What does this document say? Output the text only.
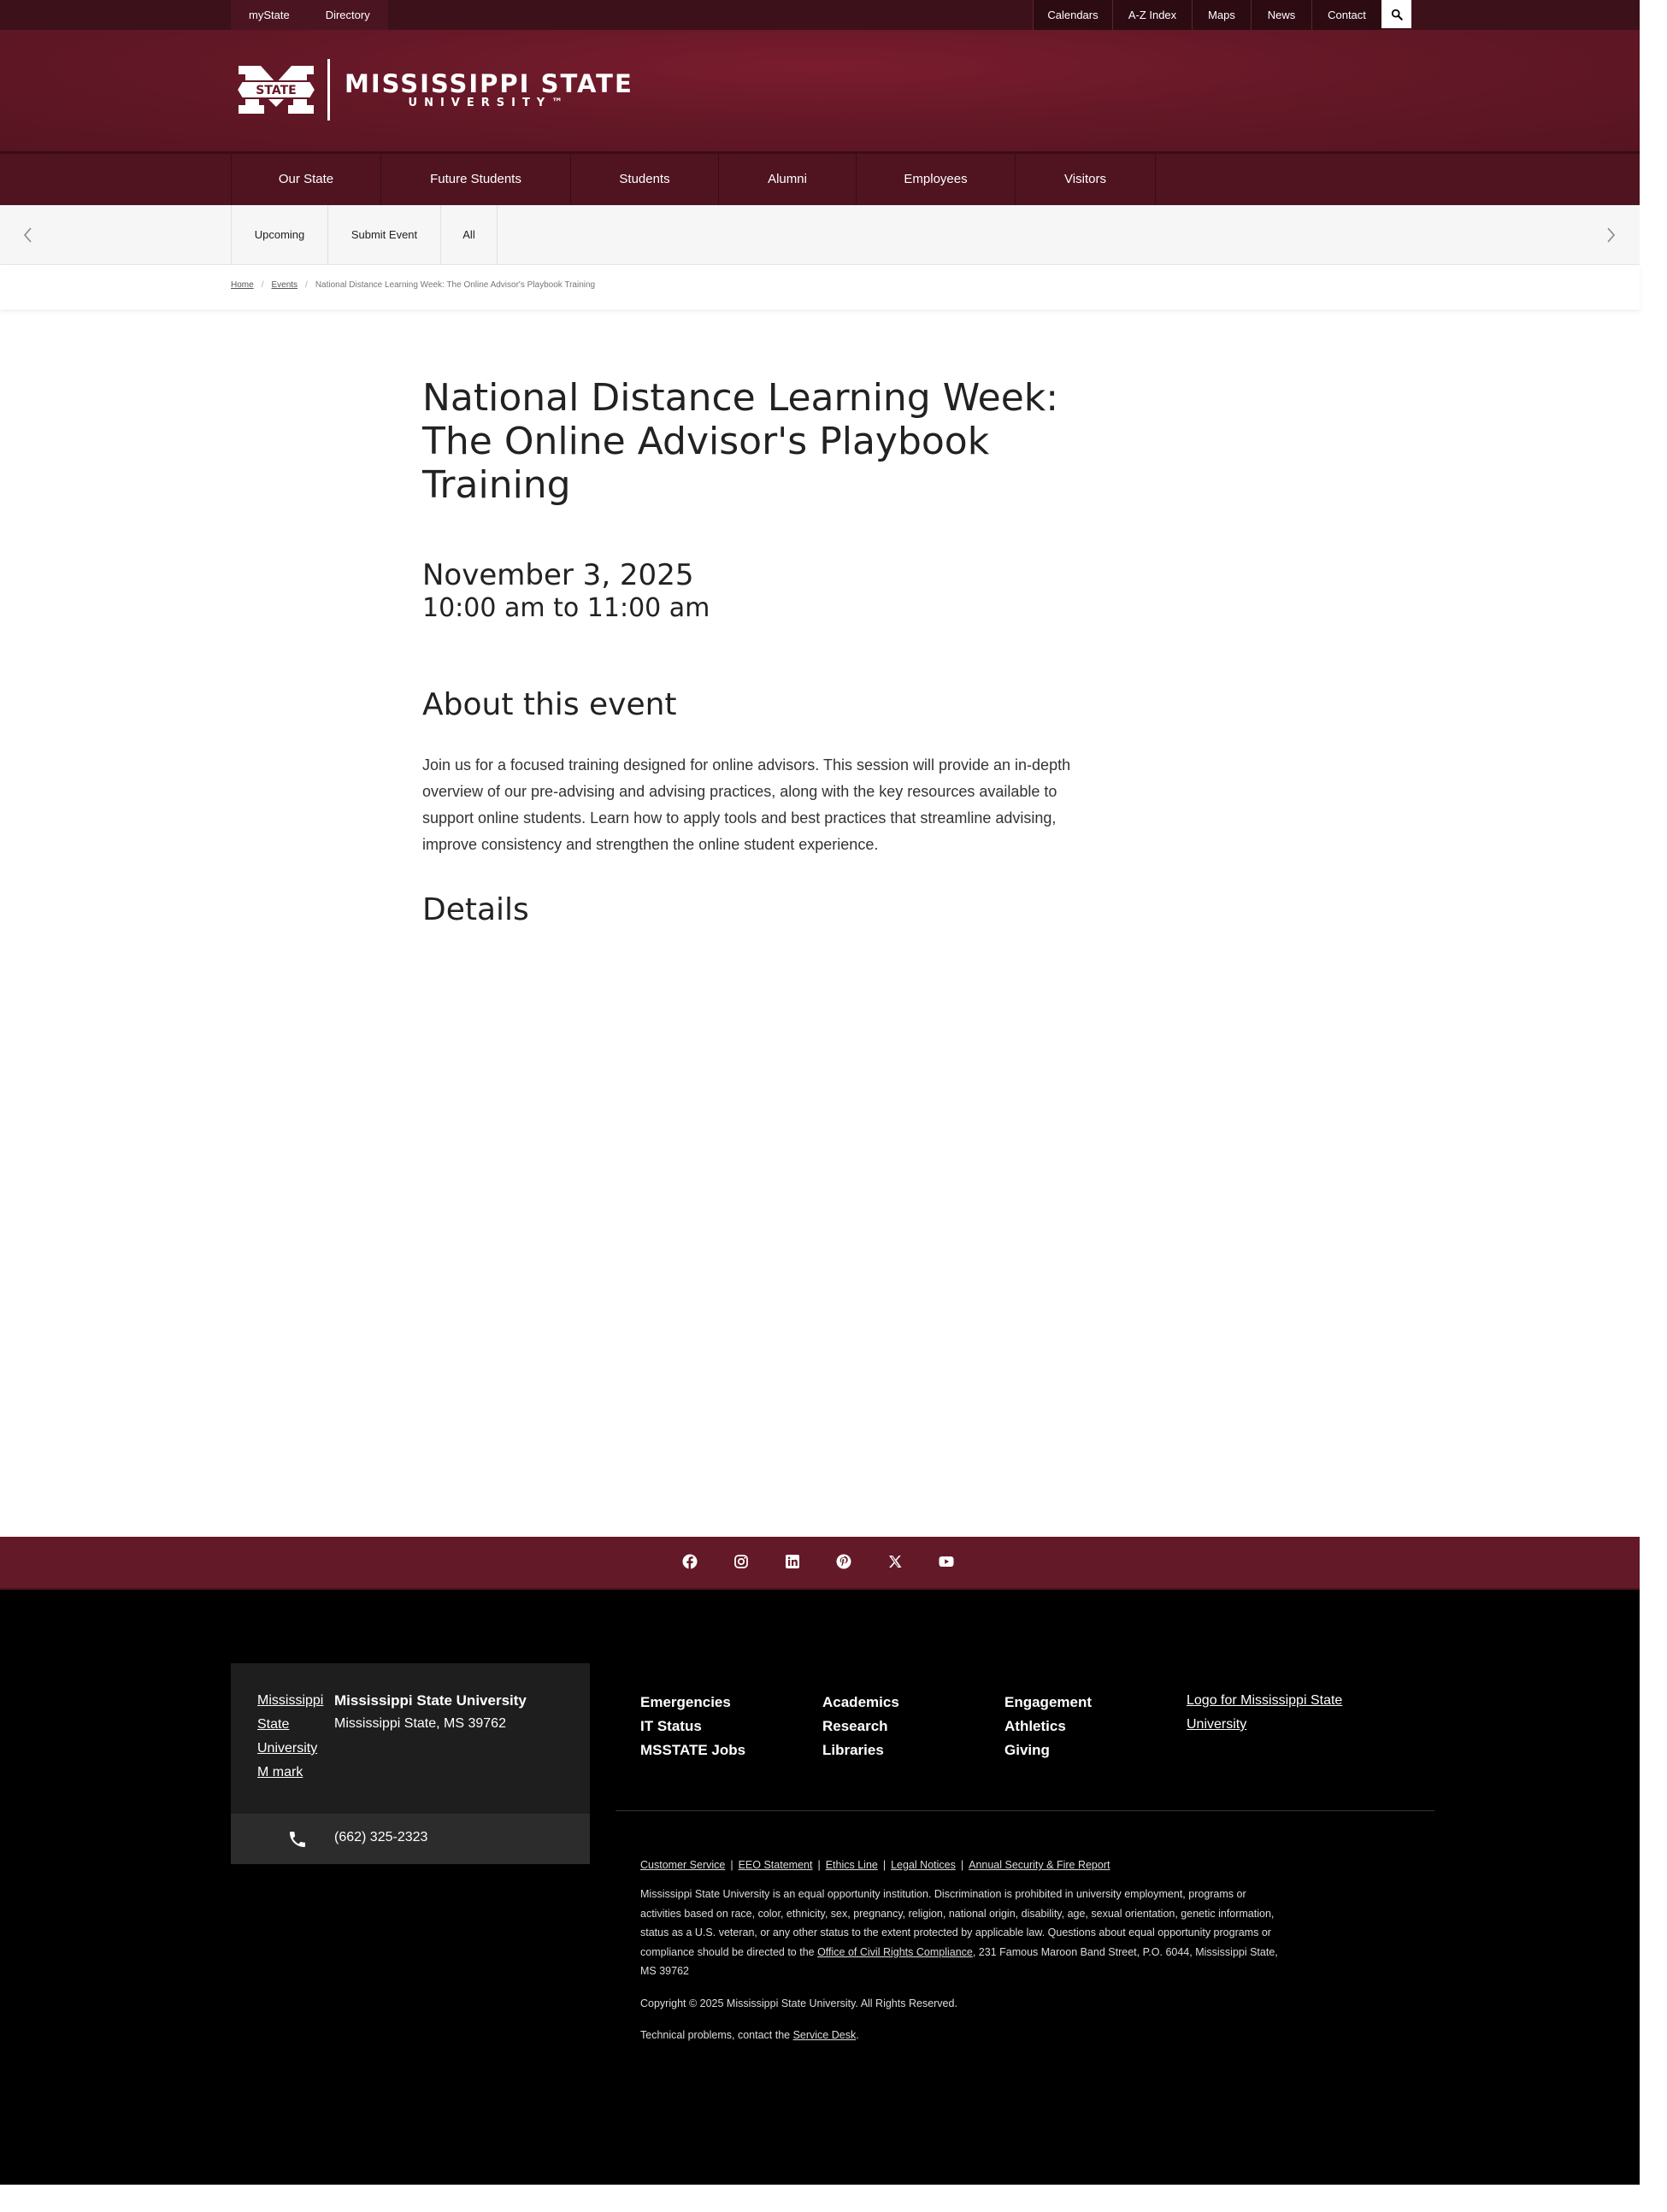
myState	Directory	Calendars	A-Z Index	Maps	News	Contact
STATE MISSISSIPPI STATE
UNIVERSITY™
Our State	Future Students	Students	Alumni	Employees	Visitors
Upcoming	Submit Event	All
Home / Events / National Distance Learning Week: The Online Advisor's Playbook Training
National Distance Learning Week: The Online Advisor's Playbook Training
November 3, 2025
10:00 am to 11:00 am
About this event

Join us for a focused training designed for online advisors. This session will provide an in-depth overview of our pre-advising and advising practices, along with the key resources available to support online students. Learn how to apply tools and best practices that streamline advising, improve consistency and strengthen the online student experience.

Details
Mississippi State University M mark
Mississippi State University
Mississippi State, MS 39762
(662) 325-2323
Emergencies
IT Status
MSSTATE Jobs
Academics
Research
Libraries
Engagement
Athletics
Giving
Logo for Mississippi State University
Customer Service | EEO Statement | Ethics Line | Legal Notices | Annual Security & Fire Report

Mississippi State University is an equal opportunity institution. Discrimination is prohibited in university employment, programs or activities based on race, color, ethnicity, sex, pregnancy, religion, national origin, disability, age, sexual orientation, genetic information, status as a U.S. veteran, or any other status to the extent protected by applicable law. Questions about equal opportunity programs or compliance should be directed to the Office of Civil Rights Compliance, 231 Famous Maroon Band Street, P.O. 6044, Mississippi State, MS 39762

Copyright © 2025 Mississippi State University. All Rights Reserved.

Technical problems, contact the Service Desk.
